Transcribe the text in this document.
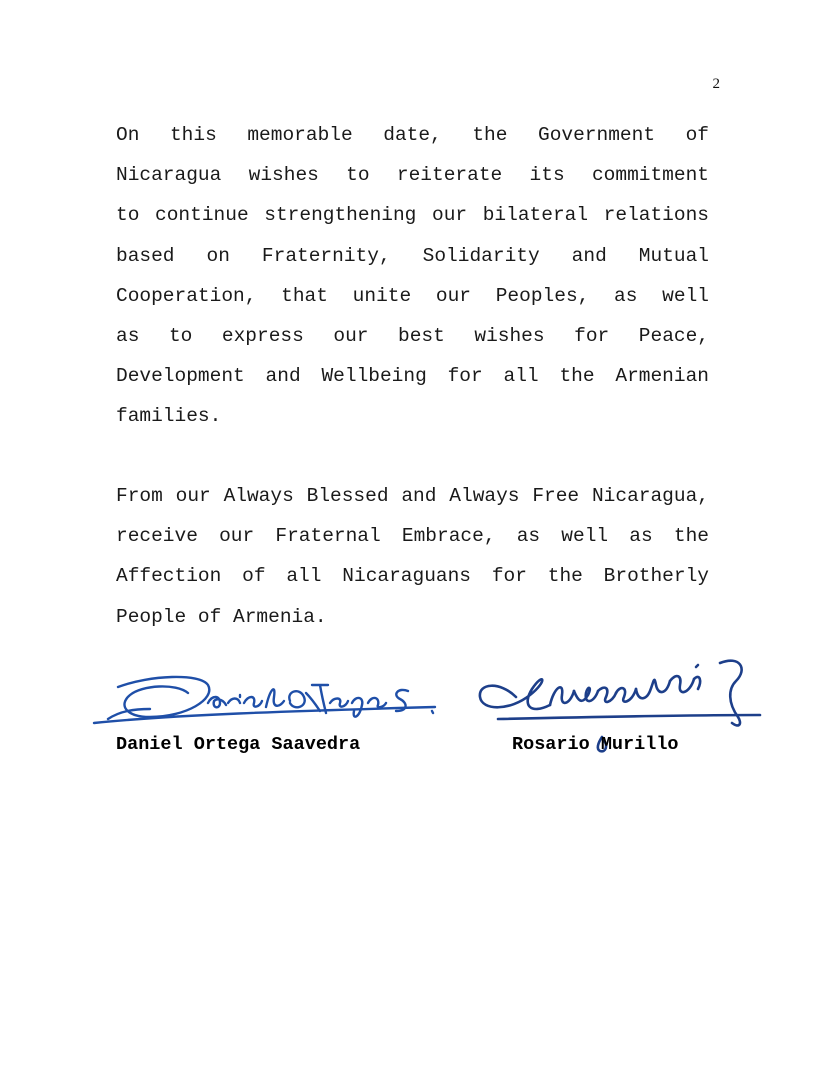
2
On this memorable date, the Government of
Nicaragua wishes to reiterate its commitment
to continue strengthening our bilateral relations
based on Fraternity, Solidarity and Mutual
Cooperation, that unite our Peoples, as well
as to express our best wishes for Peace,
Development and Wellbeing for all the Armenian
families.
From our Always Blessed and Always Free Nicaragua,
receive our Fraternal Embrace, as well as the
Affection of all Nicaraguans for the Brotherly
People of Armenia.
Daniel Ortega Saavedra	Rosario Murillo
